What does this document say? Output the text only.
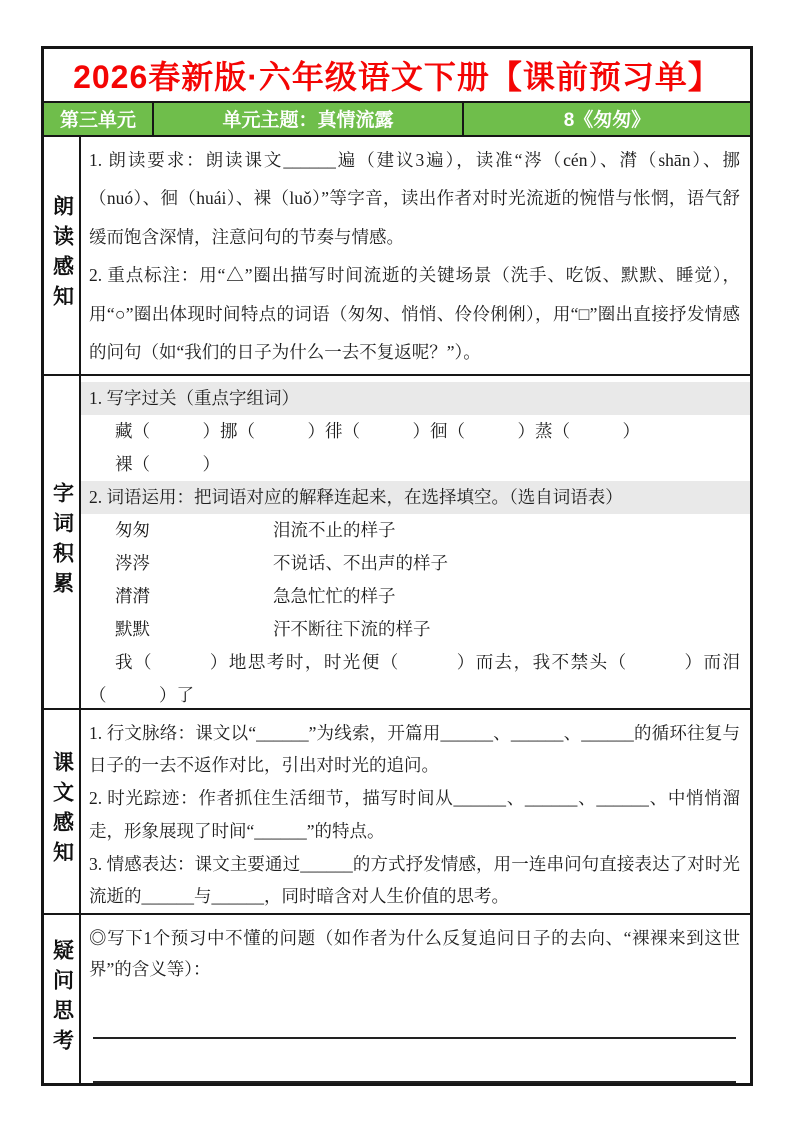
2026春新版·六年级语文下册【课前预习单】
第三单元	单元主题：真情流露	8《匆匆》
朗读感知

1. 朗读要求：朗读课文______遍（建议3遍），读准“涔（cén）、潸（shān）、挪（nuó）、徊（huái）、裸（luǒ）”等字音，读出作者对时光流逝的惋惜与怅惘，语气舒缓而饱含深情，注意问句的节奏与情感。

2. 重点标注：用“△”圈出描写时间流逝的关键场景（洗手、吃饭、默默、睡觉），用“○”圈出体现时间特点的词语（匆匆、悄悄、伶伶俐俐），用“□”圈出直接抒发情感的问句（如“我们的日子为什么一去不复返呢？”）。

字词积累
1. 写字过关（重点字组词）
藏（　　　）挪（　　　）徘（　　　）徊（　　　）蒸（　　　）
裸（　　　）
2. 词语运用：把词语对应的解释连起来，在选择填空。（选自词语表）
匆匆	泪流不止的样子
涔涔	不说话、不出声的样子
潸潸	急急忙忙的样子
默默	汗不断往下流的样子

我（　　　）地思考时，时光便（　　　）而去，我不禁头（　　　）而泪（　　　）了

课文感知

1. 行文脉络：课文以“______”为线索，开篇用______、______、______的循环往复与日子的一去不返作对比，引出对时光的追问。

2. 时光踪迹：作者抓住生活细节，描写时间从______、______、______、中悄悄溜走，形象展现了时间“______”的特点。

3. 情感表达：课文主要通过______的方式抒发情感，用一连串问句直接表达了对时光流逝的______与______，同时暗含对人生价值的思考。

疑问思考

◎写下1个预习中不懂的问题（如作者为什么反复追问日子的去向、“裸裸来到这世界”的含义等）：
